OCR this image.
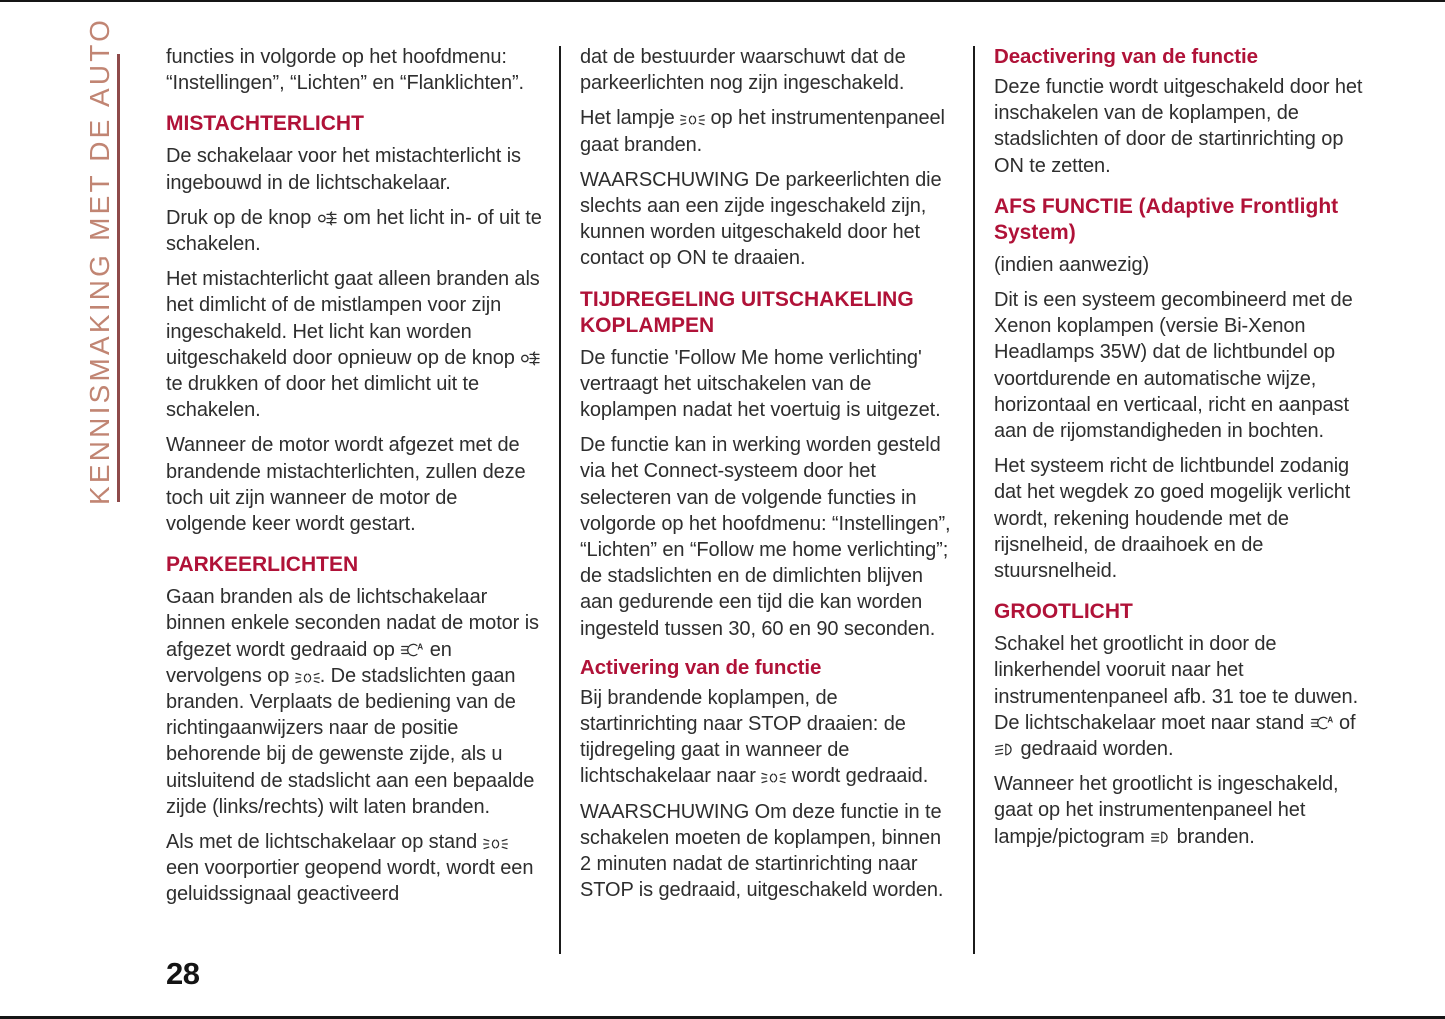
KENNISMAKING MET DE AUTO	functies in volgorde op het hoofdmenu: “Instellingen”, “Lichten” en “Flanklichten”.

MISTACHTERLICHT

De schakelaar voor het mistachterlicht is ingebouwd in de lichtschakelaar.

Druk op de knop  om het licht in- of uit te schakelen.

Het mistachterlicht gaat alleen branden als het dimlicht of de mistlampen voor zijn ingeschakeld. Het licht kan worden uitgeschakeld door opnieuw op de knop  te drukken of door het dimlicht uit te schakelen.

Wanneer de motor wordt afgezet met de brandende mistachterlichten, zullen deze toch uit zijn wanneer de motor de volgende keer wordt gestart.

PARKEERLICHTEN

Gaan branden als de lichtschakelaar binnen enkele seconden nadat de motor is afgezet wordt gedraaid op A en vervolgens op . De stadslichten gaan branden. Verplaats de bediening van de richtingaanwijzers naar de positie behorende bij de gewenste zijde, als u uitsluitend de stadslicht aan een bepaalde zijde (links/rechts) wilt laten branden.

Als met de lichtschakelaar op stand  een voorportier geopend wordt, wordt een geluidssignaal geactiveerd

dat de bestuurder waarschuwt dat de parkeerlichten nog zijn ingeschakeld.

Het lampje  op het instrumentenpaneel gaat branden.

WAARSCHUWING De parkeerlichten die slechts aan een zijde ingeschakeld zijn, kunnen worden uitgeschakeld door het contact op ON te draaien.

TIJDREGELING UITSCHAKELING KOPLAMPEN

De functie 'Follow Me home verlichting' vertraagt het uitschakelen van de koplampen nadat het voertuig is uitgezet.

De functie kan in werking worden gesteld via het Connect-systeem door het selecteren van de volgende functies in volgorde op het hoofdmenu: “Instellingen”, “Lichten” en “Follow me home verlichting”; de stadslichten en de dimlichten blijven aan gedurende een tijd die kan worden ingesteld tussen 30, 60 en 90 seconden.

Activering van de functie

Bij brandende koplampen, de startinrichting naar STOP draaien: de tijdregeling gaat in wanneer de lichtschakelaar naar  wordt gedraaid.

WAARSCHUWING Om deze functie in te schakelen moeten de koplampen, binnen 2 minuten nadat de startinrichting naar STOP is gedraaid, uitgeschakeld worden.

Deactivering van de functie

Deze functie wordt uitgeschakeld door het inschakelen van de koplampen, de stadslichten of door de startinrichting op ON te zetten.

AFS FUNCTIE (Adaptive Frontlight System)

(indien aanwezig)

Dit is een systeem gecombineerd met de Xenon koplampen (versie Bi-Xenon Headlamps 35W) dat de lichtbundel op voortdurende en automatische wijze, horizontaal en verticaal, richt en aanpast aan de rijomstandigheden in bochten.

Het systeem richt de lichtbundel zodanig dat het wegdek zo goed mogelijk verlicht wordt, rekening houdende met de rijsnelheid, de draaihoek en de stuursnelheid.

GROOTLICHT

Schakel het grootlicht in door de linkerhendel vooruit naar het instrumentenpaneel afb. 31 toe te duwen. De lichtschakelaar moet naar stand A of  gedraaid worden.

Wanneer het grootlicht is ingeschakeld, gaat op het instrumentenpaneel het lampje/pictogram  branden.

28
